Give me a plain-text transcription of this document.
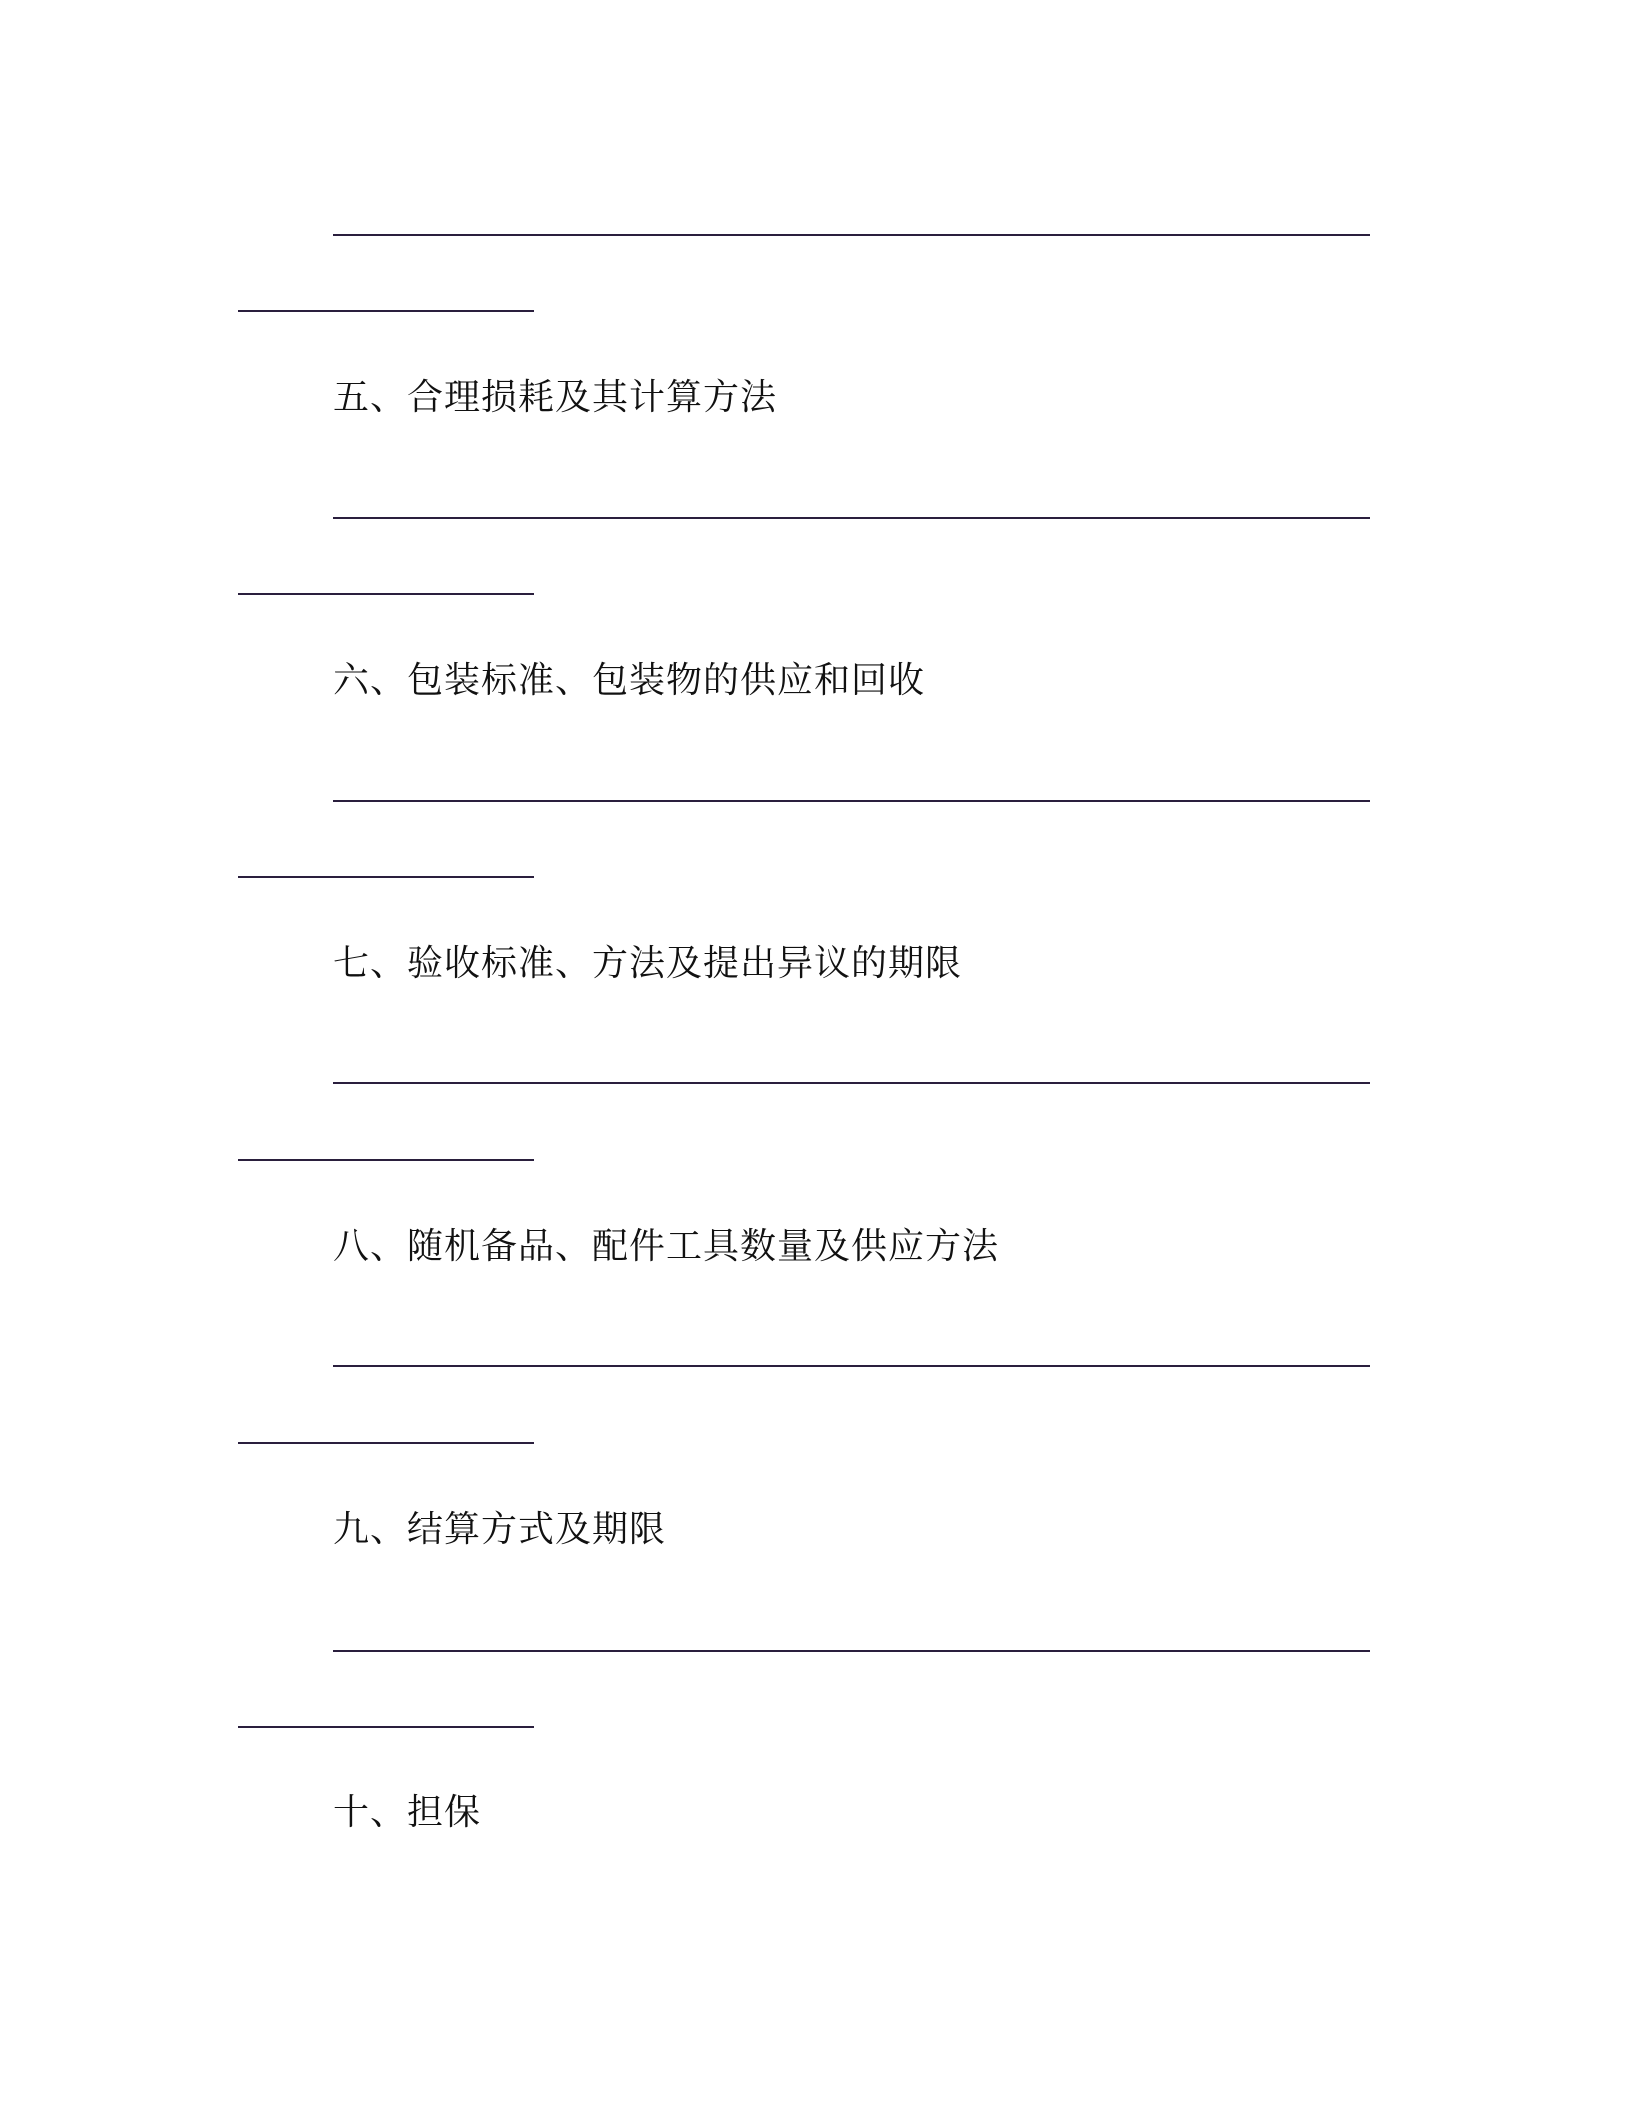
五、合理损耗及其计算方法
六、包装标准、包装物的供应和回收
七、验收标准、方法及提出异议的期限
八、随机备品、配件工具数量及供应方法
九、结算方式及期限
十、担保
